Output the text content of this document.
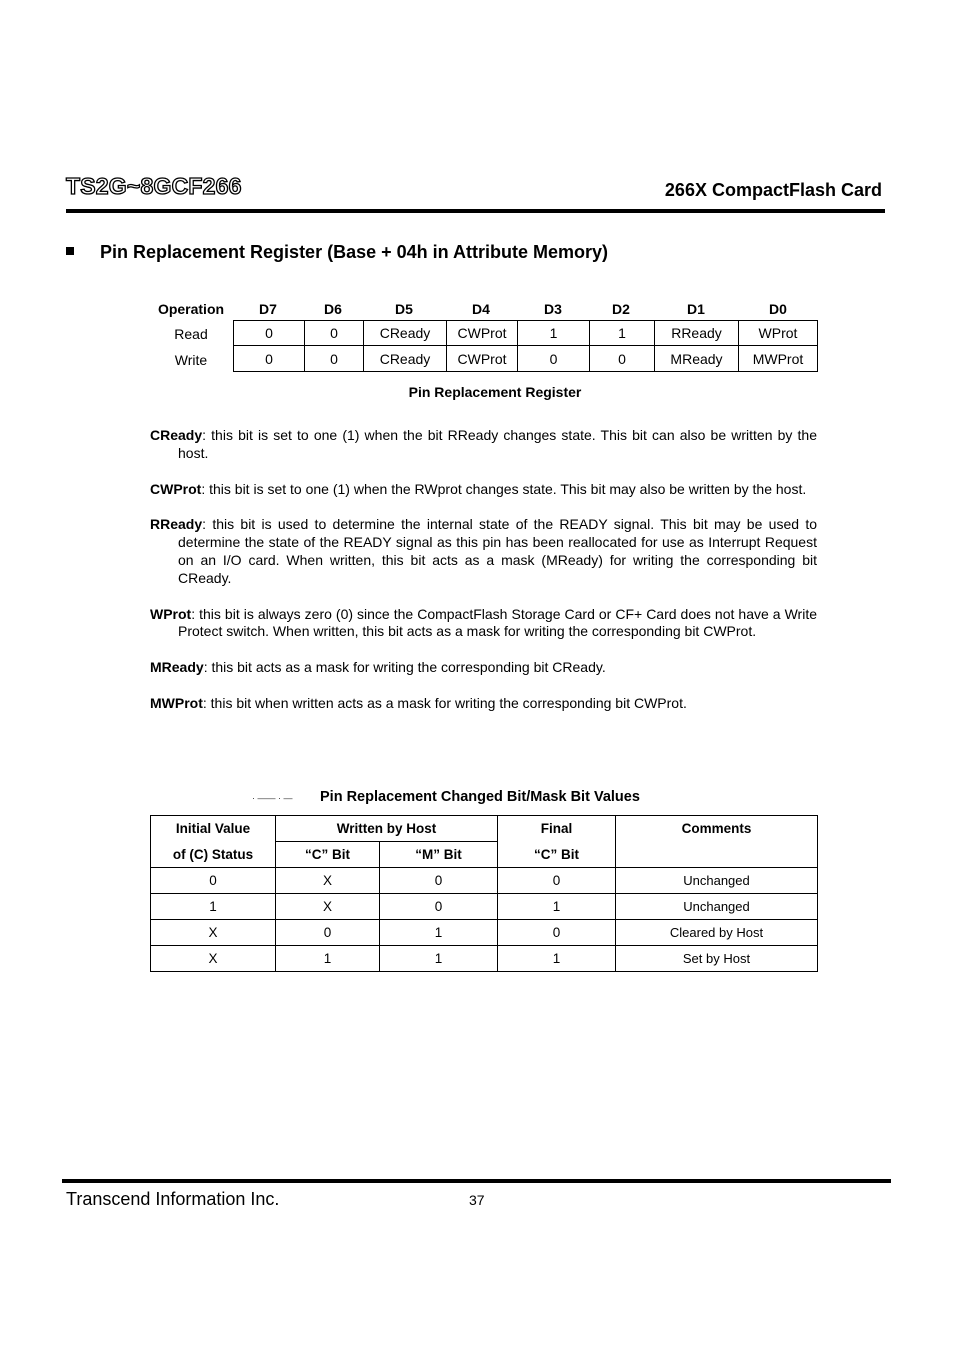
TS2G~8GCF266	266X CompactFlash Card
Pin Replacement Register (Base + 04h in Attribute Memory)
Operation D7	D6	D5	D4	D3	D2	D1	D0
Read	0	0	CReady	CWProt	1	1	RReady	WProt
Write	0	0	CReady	CWProt	0	0	MReady	MWProt
Pin Replacement Register

CReady: this bit is set to one (1) when the bit RReady changes state. This bit can also be written by the host.

CWProt: this bit is set to one (1) when the RWprot changes state. This bit may also be written by the host.

RReady: this bit is used to determine the internal state of the READY signal. This bit may be used to determine the state of the READY signal as this pin has been reallocated for use as Interrupt Request on an I/O card. When written, this bit acts as a mask (MReady) for writing the corresponding bit CReady.

WProt: this bit is always zero (0) since the CompactFlash Storage Card or CF+ Card does not have a Write Protect switch. When written, this bit acts as a mask for writing the corresponding bit CWProt.

MReady: this bit acts as a mask for writing the corresponding bit CReady.

MWProt: this bit when written acts as a mask for writing the corresponding bit CWProt.

· —— · — Pin Replacement Changed Bit/Mask Bit Values
Initial Value	Written by Host		Final	Comments
of (C) Status	“C” Bit	“M” Bit	“C” Bit	
0	X	0	0	Unchanged
1	X	0	1	Unchanged
X	0	1	0	Cleared by Host
X	1	1	1	Set by Host
Transcend Information Inc.	37
